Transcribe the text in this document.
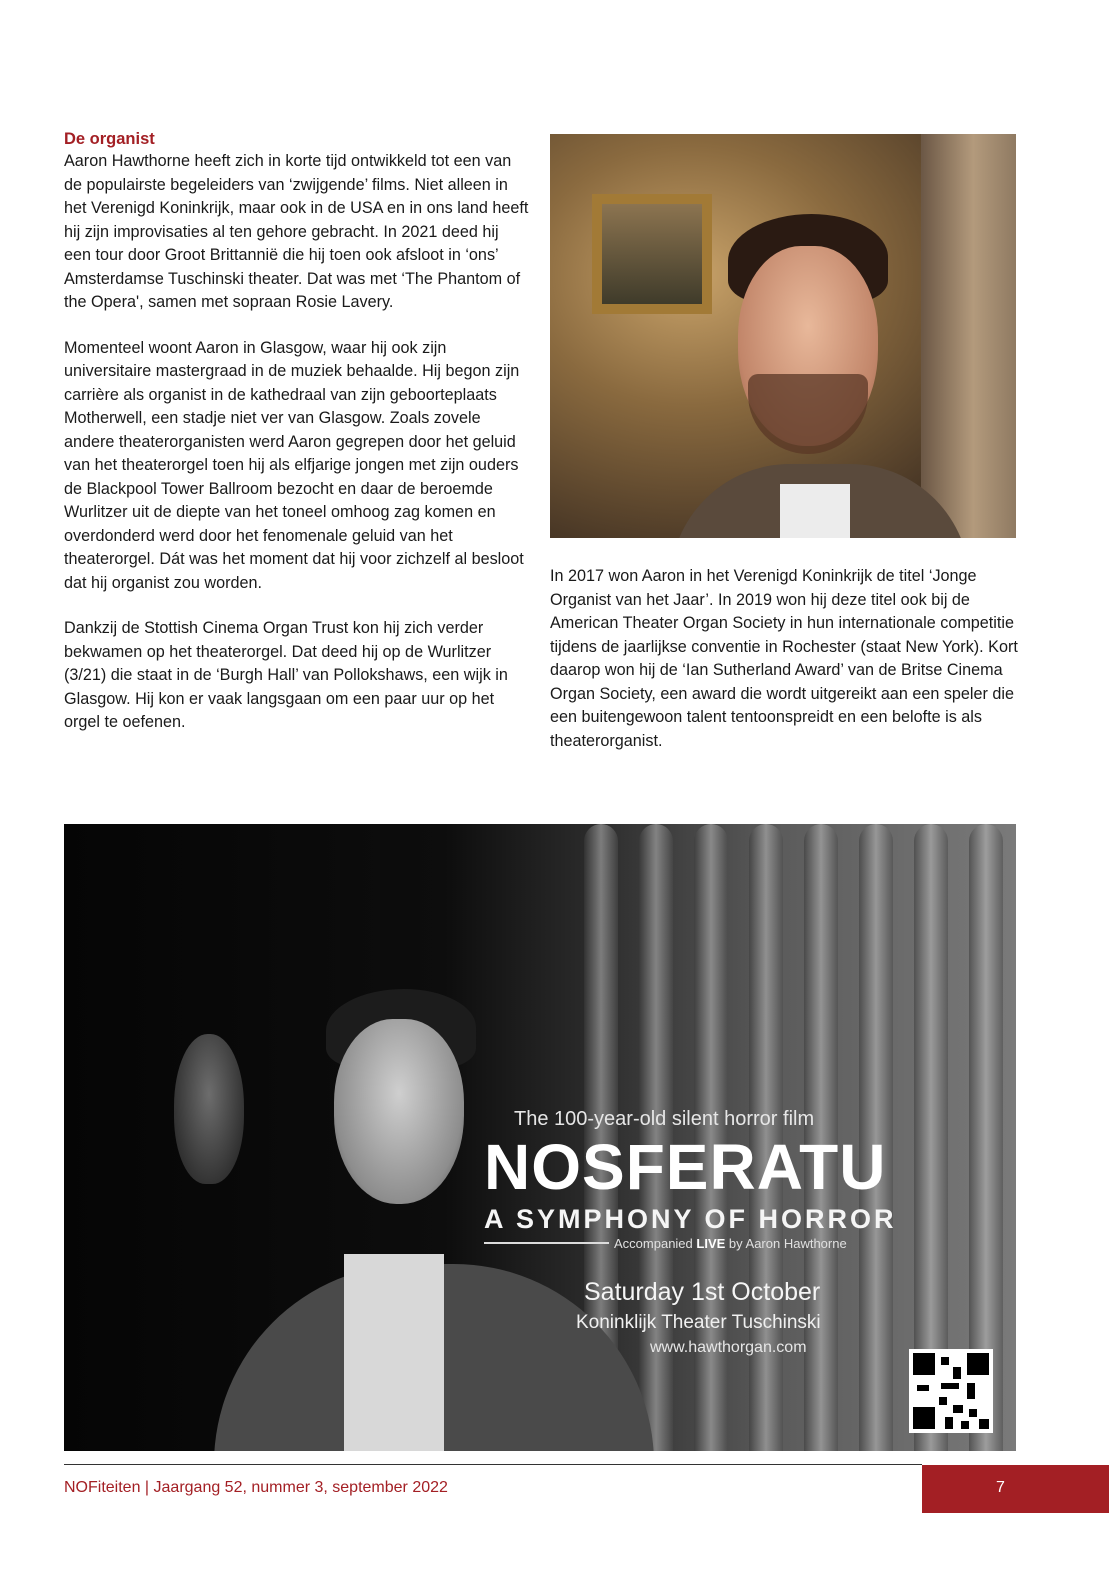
De organist

Aaron Hawthorne heeft zich in korte tijd ontwikkeld tot een van de populairste begeleiders van ‘zwijgende’ films. Niet alleen in het Verenigd Koninkrijk, maar ook in de USA en in ons land heeft hij zijn improvisaties al ten gehore gebracht. In 2021 deed hij een tour door Groot Brittannië die hij toen ook afsloot in ‘ons’ Amsterdamse Tuschinski theater. Dat was met ‘The Phantom of the Opera', samen met sopraan Rosie Lavery.

Momenteel woont Aaron in Glasgow, waar hij ook zijn universitaire mastergraad in de muziek behaalde. Hij begon zijn carrière als organist in de kathedraal van zijn geboorteplaats Motherwell, een stadje niet ver van Glasgow. Zoals zovele andere theaterorganisten werd Aaron gegrepen door het geluid van het theaterorgel toen hij als elfjarige jongen met zijn ouders de Blackpool Tower Ballroom bezocht en daar de beroemde Wurlitzer uit de diepte van het toneel omhoog zag komen en overdonderd werd door het fenomenale geluid van het theaterorgel. Dát was het moment dat hij voor zichzelf al besloot dat hij organist zou worden.

Dankzij de Stottish Cinema Organ Trust kon hij zich verder bekwamen op het theaterorgel. Dat deed hij op de Wurlitzer (3/21) die staat in de ‘Burgh Hall’ van Pollokshaws, een wijk in Glasgow. Hij kon er vaak langsgaan om een paar uur op het orgel te oefenen.

In 2017 won Aaron in het Verenigd Koninkrijk de titel ‘Jonge Organist van het Jaar’. In 2019 won hij deze titel ook bij de American Theater Organ Society in hun internationale competitie tijdens de jaarlijkse conventie in Rochester (staat New York). Kort daarop won hij de ‘Ian Sutherland Award’ van de Britse Cinema Organ Society, een award die wordt uitgereikt aan een speler die een buitengewoon talent tentoonspreidt en een belofte is als theaterorganist.

The 100-year-old silent horror film
NOSFERATU
A SYMPHONY OF HORROR
Accompanied LIVE by Aaron Hawthorne
Saturday 1st October
Koninklijk Theater Tuschinski
www.hawthorgan.com
NOFiteiten | Jaargang 52, nummer 3, september 2022	7
